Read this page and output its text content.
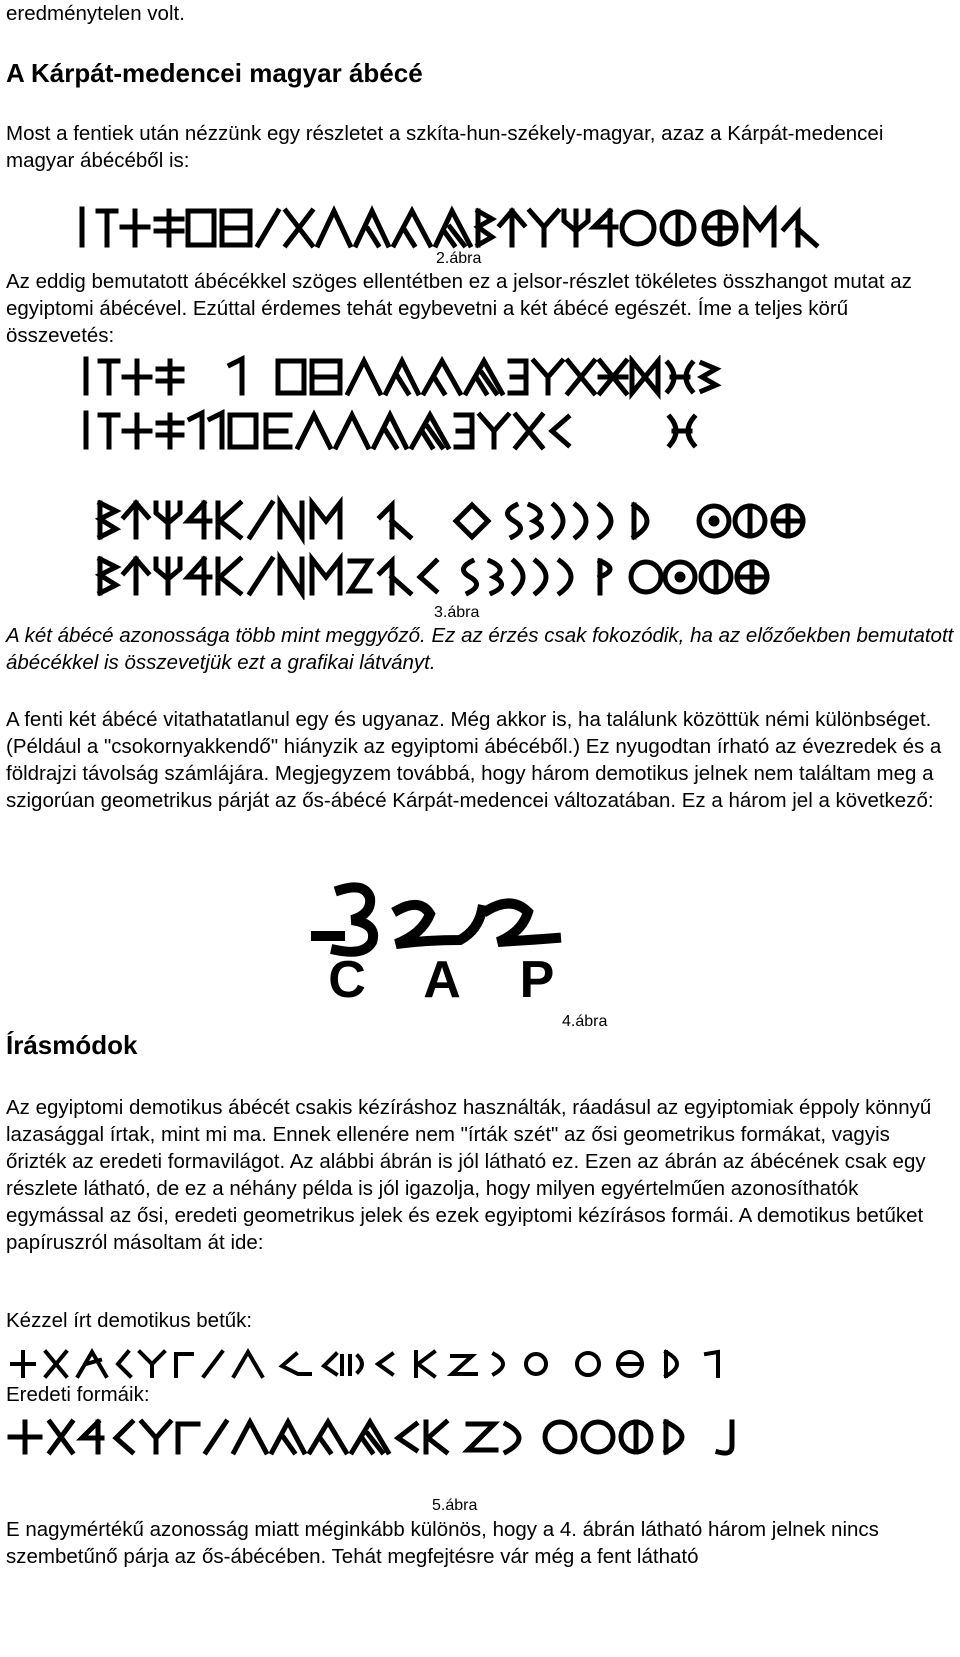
eredménytelen volt.

A Kárpát-medencei magyar ábécé

Most a fentiek után nézzünk egy részletet a szkíta-hun-székely-magyar, azaz a Kárpát-medencei magyar ábécéből is:

2.ábra

Az eddig bemutatott ábécékkel szöges ellentétben ez a jelsor-részlet tökéletes összhangot mutat az egyiptomi ábécével. Ezúttal érdemes tehát egybevetni a két ábécé egészét. Íme a teljes körű összevetés:

3.ábra

A két ábécé azonossága több mint meggyőző. Ez az érzés csak fokozódik, ha az előzőekben bemutatott ábécékkel is összevetjük ezt a grafikai látványt.

A fenti két ábécé vitathatatlanul egy és ugyanaz. Még akkor is, ha találunk közöttük némi különbséget. (Például a "csokornyakkendő" hiányzik az egyiptomi ábécéből.) Ez nyugodtan írható az évezredek és a földrajzi távolság számlájára. Megjegyzem továbbá, hogy három demotikus jelnek nem találtam meg a szigorúan geometrikus párját az ős-ábécé Kárpát-medencei változatában. Ez a három jel a következő:

C	A	P
4.ábra
Írásmódok

Az egyiptomi demotikus ábécét csakis kézíráshoz használták, ráadásul az egyiptomiak éppoly könnyű lazasággal írtak, mint mi ma. Ennek ellenére nem "írták szét" az ősi geometrikus formákat, vagyis őrizték az eredeti formavilágot. Az alábbi ábrán is jól látható ez. Ezen az ábrán az ábécének csak egy részlete látható, de ez a néhány példa is jól igazolja, hogy milyen egyértelműen azonosíthatók egymással az ősi, eredeti geometrikus jelek és ezek egyiptomi kézírásos formái. A demotikus betűket papíruszról másoltam át ide:

Kézzel írt demotikus betűk:
Eredeti formáik:
5.ábra

E nagymértékű azonosság miatt méginkább különös, hogy a 4. ábrán látható három jelnek nincs szembetűnő párja az ős-ábécében. Tehát megfejtésre vár még a fent látható
